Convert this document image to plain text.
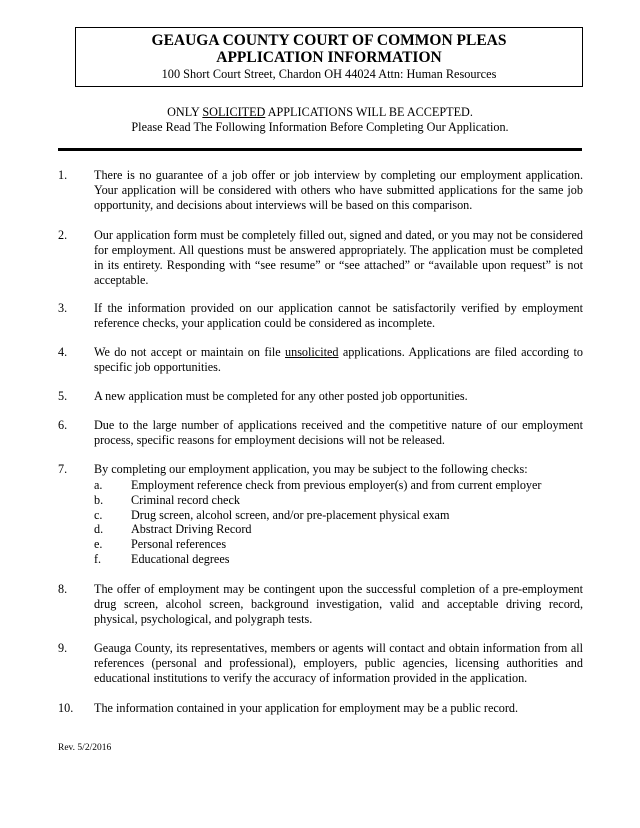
GEAUGA COUNTY COURT OF COMMON PLEAS
APPLICATION INFORMATION
100 Short Court Street, Chardon OH 44024 Attn: Human Resources
ONLY SOLICITED APPLICATIONS WILL BE ACCEPTED.
Please Read The Following Information Before Completing Our Application.
1. There is no guarantee of a job offer or job interview by completing our employment application. Your application will be considered with others who have submitted applications for the same job opportunity, and decisions about interviews will be based on this comparison.
2. Our application form must be completely filled out, signed and dated, or you may not be considered for employment. All questions must be answered appropriately. The application must be completed in its entirety. Responding with “see resume” or “see attached” or “available upon request” is not acceptable.
3. If the information provided on our application cannot be satisfactorily verified by employment reference checks, your application could be considered as incomplete.
4. We do not accept or maintain on file unsolicited applications. Applications are filed according to specific job opportunities.
5. A new application must be completed for any other posted job opportunities.
6. Due to the large number of applications received and the competitive nature of our employment process, specific reasons for employment decisions will not be released.
7. By completing our employment application, you may be subject to the following checks:
a. Employment reference check from previous employer(s) and from current employer
b. Criminal record check
c. Drug screen, alcohol screen, and/or pre-placement physical exam
d. Abstract Driving Record
e. Personal references
f. Educational degrees
8. The offer of employment may be contingent upon the successful completion of a pre-employment drug screen, alcohol screen, background investigation, valid and acceptable driving record, physical, psychological, and polygraph tests.
9. Geauga County, its representatives, members or agents will contact and obtain information from all references (personal and professional), employers, public agencies, licensing authorities and educational institutions to verify the accuracy of information provided in the application.
10. The information contained in your application for employment may be a public record.
Rev. 5/2/2016
